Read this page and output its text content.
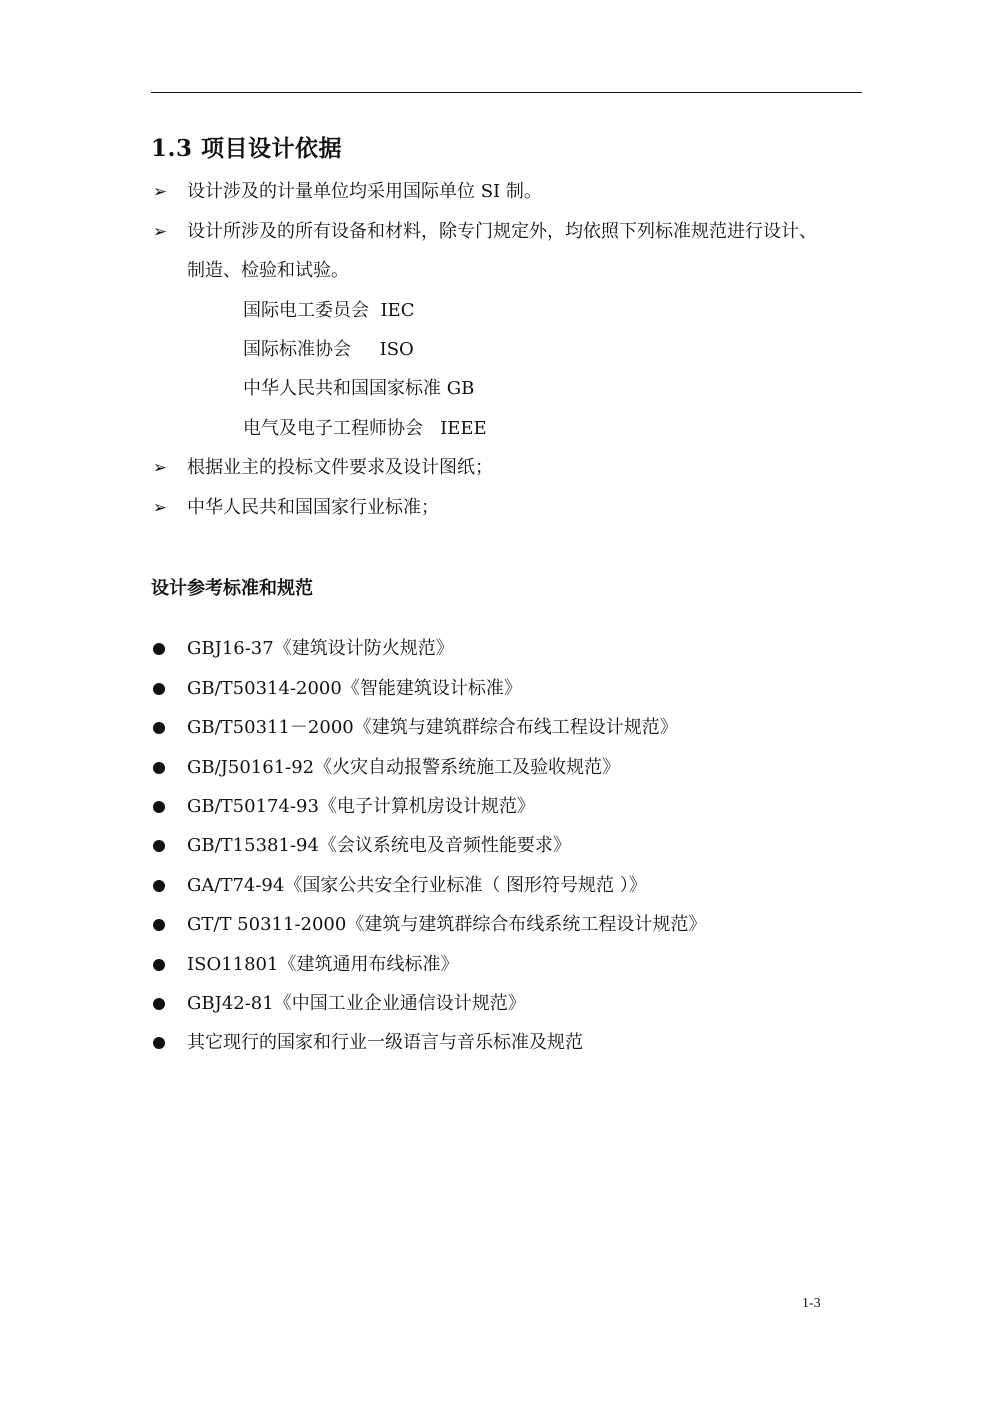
1.3 项目设计依据
➢ 设计涉及的计量单位均采用国际单位 SI 制。
➢ 设计所涉及的所有设备和材料，除专门规定外，均依照下列标准规范进行设计、
制造、检验和试验。
国际电工委员会  IEC
国际标准协会     ISO
中华人民共和国国家标准 GB
电气及电子工程师协会   IEEE
➢ 根据业主的投标文件要求及设计图纸；
➢ 中华人民共和国国家行业标准；
设计参考标准和规范
GBJ16-37《建筑设计防火规范》
GB/T50314-2000《智能建筑设计标准》
GB/T50311－2000《建筑与建筑群综合布线工程设计规范》
GB/J50161-92《火灾自动报警系统施工及验收规范》
GB/T50174-93《电子计算机房设计规范》
GB/T15381-94《会议系统电及音频性能要求》
GA/T74-94《国家公共安全行业标准（ 图形符号规范 ）》
GT/T 50311-2000《建筑与建筑群综合布线系统工程设计规范》
ISO11801《建筑通用布线标准》
GBJ42-81《中国工业企业通信设计规范》
其它现行的国家和行业一级语言与音乐标准及规范
1-3
